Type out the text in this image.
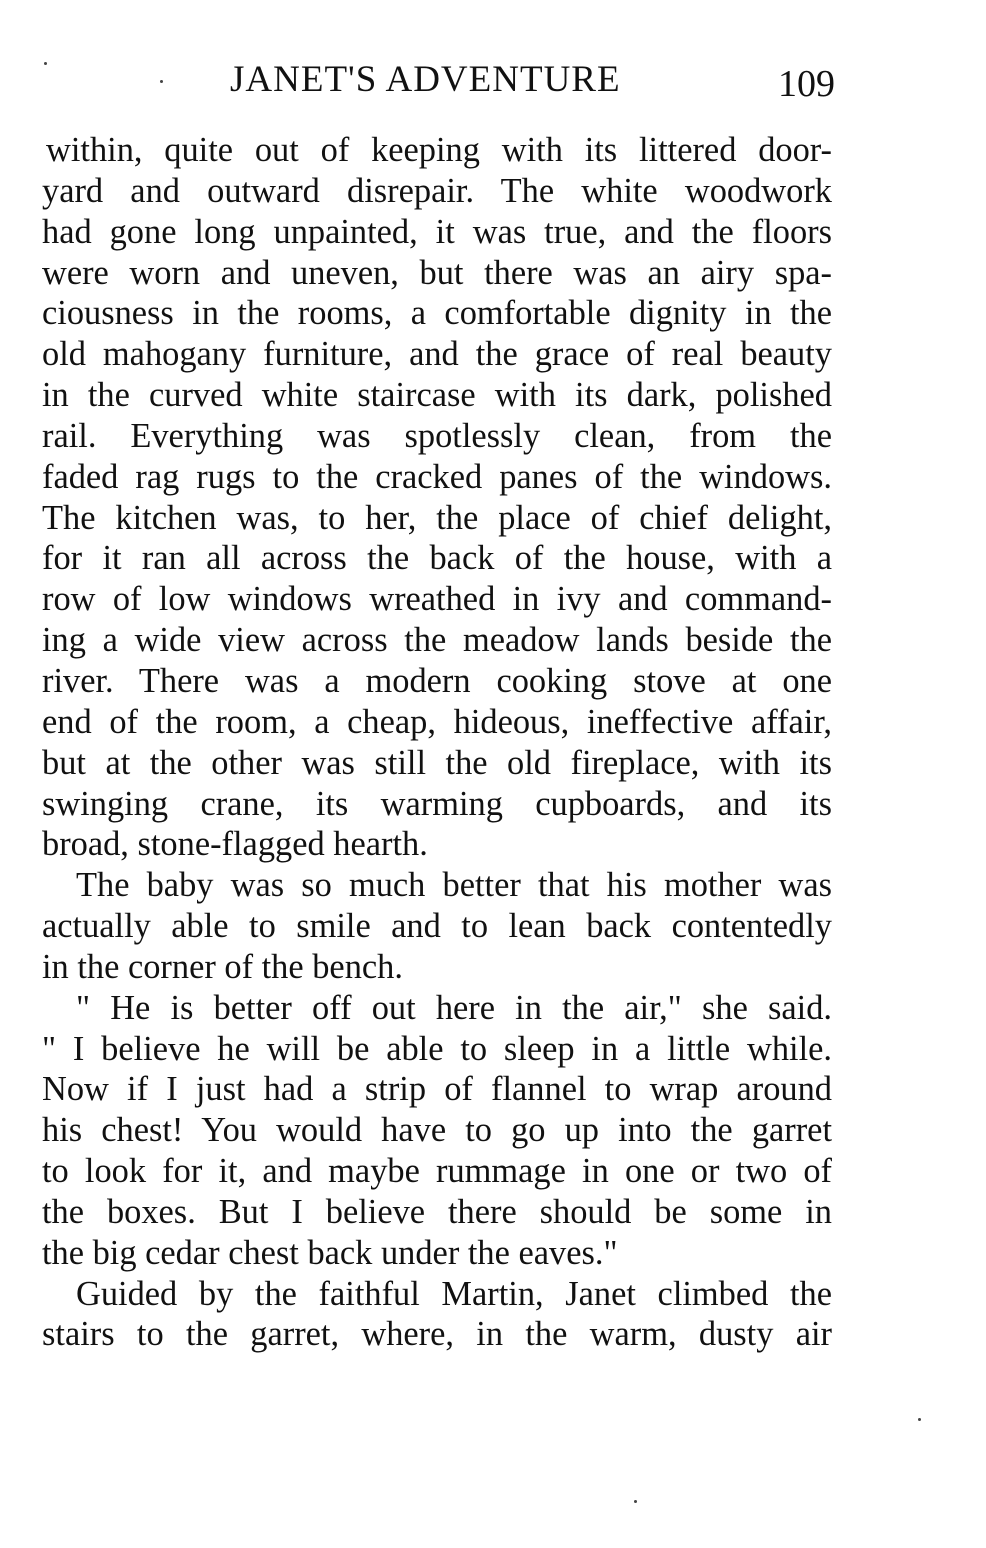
JANET'S ADVENTURE	109
within, quite out of keeping with its littered door-
yard and outward disrepair. The white woodwork
had gone long unpainted, it was true, and the floors
were worn and uneven, but there was an airy spa-
ciousness in the rooms, a comfortable dignity in the
old mahogany furniture, and the grace of real beauty
in the curved white staircase with its dark, polished
rail. Everything was spotlessly clean, from the
faded rag rugs to the cracked panes of the windows.
The kitchen was, to her, the place of chief delight,
for it ran all across the back of the house, with a
row of low windows wreathed in ivy and command-
ing a wide view across the meadow lands beside the
river. There was a modern cooking stove at one
end of the room, a cheap, hideous, ineffective affair,
but at the other was still the old fireplace, with its
swinging crane, its warming cupboards, and its
broad, stone-flagged hearth.
The baby was so much better that his mother was
actually able to smile and to lean back contentedly
in the corner of the bench.
" He is better off out here in the air," she said.
" I believe he will be able to sleep in a little while.
Now if I just had a strip of flannel to wrap around
his chest! You would have to go up into the garret
to look for it, and maybe rummage in one or two of
the boxes. But I believe there should be some in
the big cedar chest back under the eaves."
Guided by the faithful Martin, Janet climbed the
stairs to the garret, where, in the warm, dusty air
